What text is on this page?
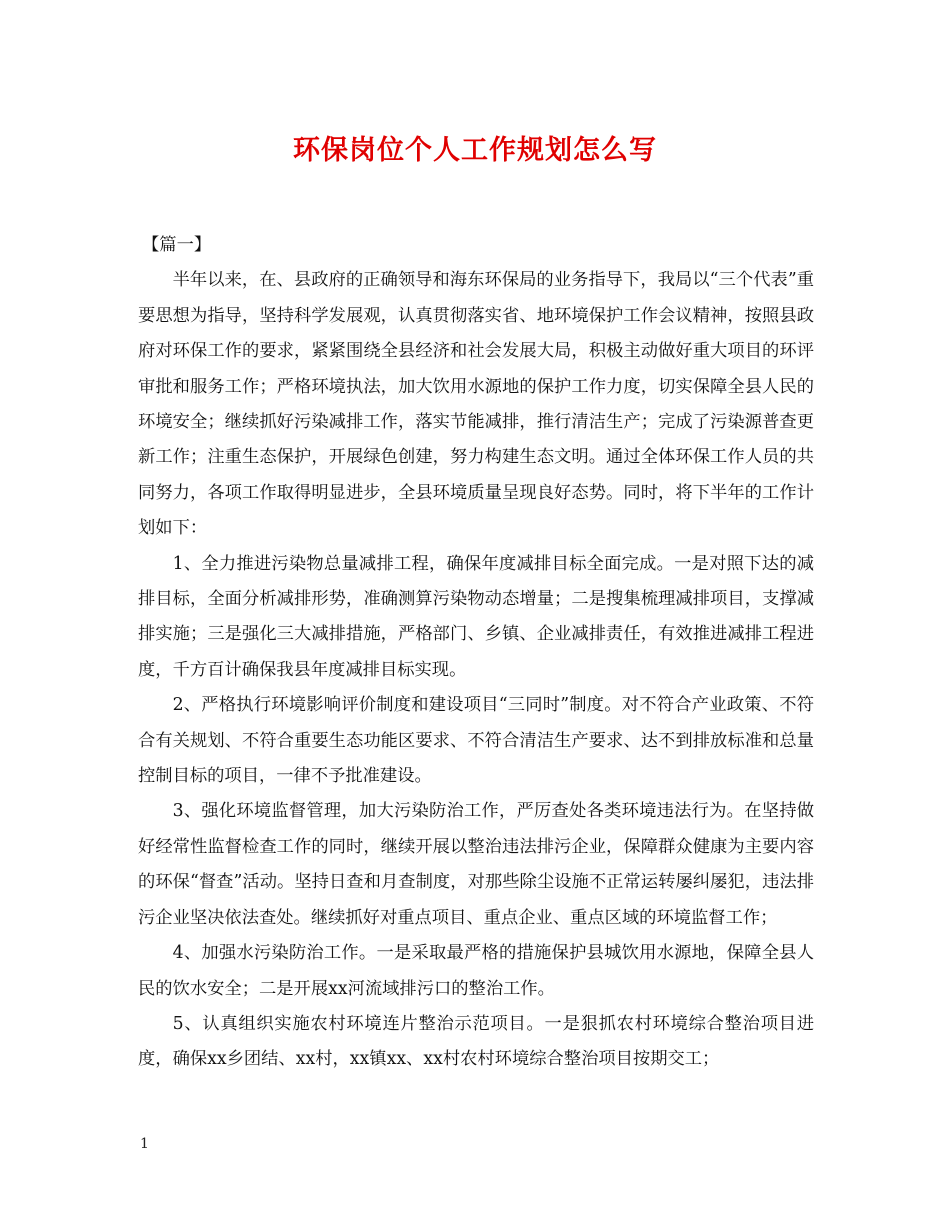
环保岗位个人工作规划怎么写
【篇一】

半年以来，在、县政府的正确领导和海东环保局的业务指导下，我局以“三个代表”重要思想为指导，坚持科学发展观，认真贯彻落实省、地环境保护工作会议精神，按照县政府对环保工作的要求，紧紧围绕全县经济和社会发展大局，积极主动做好重大项目的环评审批和服务工作；严格环境执法，加大饮用水源地的保护工作力度，切实保障全县人民的环境安全；继续抓好污染减排工作，落实节能减排，推行清洁生产；完成了污染源普查更新工作；注重生态保护，开展绿色创建，努力构建生态文明。通过全体环保工作人员的共同努力，各项工作取得明显进步，全县环境质量呈现良好态势。同时，将下半年的工作计划如下：

1、全力推进污染物总量减排工程，确保年度减排目标全面完成。一是对照下达的减排目标，全面分析减排形势，准确测算污染物动态增量；二是搜集梳理减排项目，支撑减排实施；三是强化三大减排措施，严格部门、乡镇、企业减排责任，有效推进减排工程进度，千方百计确保我县年度减排目标实现。

2、严格执行环境影响评价制度和建设项目“三同时”制度。对不符合产业政策、不符合有关规划、不符合重要生态功能区要求、不符合清洁生产要求、达不到排放标准和总量控制目标的项目，一律不予批准建设。

3、强化环境监督管理，加大污染防治工作，严厉查处各类环境违法行为。在坚持做好经常性监督检查工作的同时，继续开展以整治违法排污企业，保障群众健康为主要内容的环保“督查”活动。坚持日查和月查制度，对那些除尘设施不正常运转屡纠屡犯，违法排污企业坚决依法查处。继续抓好对重点项目、重点企业、重点区域的环境监督工作；

4、加强水污染防治工作。一是采取最严格的措施保护县城饮用水源地，保障全县人民的饮水安全；二是开展xx河流域排污口的整治工作。

5、认真组织实施农村环境连片整治示范项目。一是狠抓农村环境综合整治项目进度，确保xx乡团结、xx村，xx镇xx、xx村农村环境综合整治项目按期交工；

1
